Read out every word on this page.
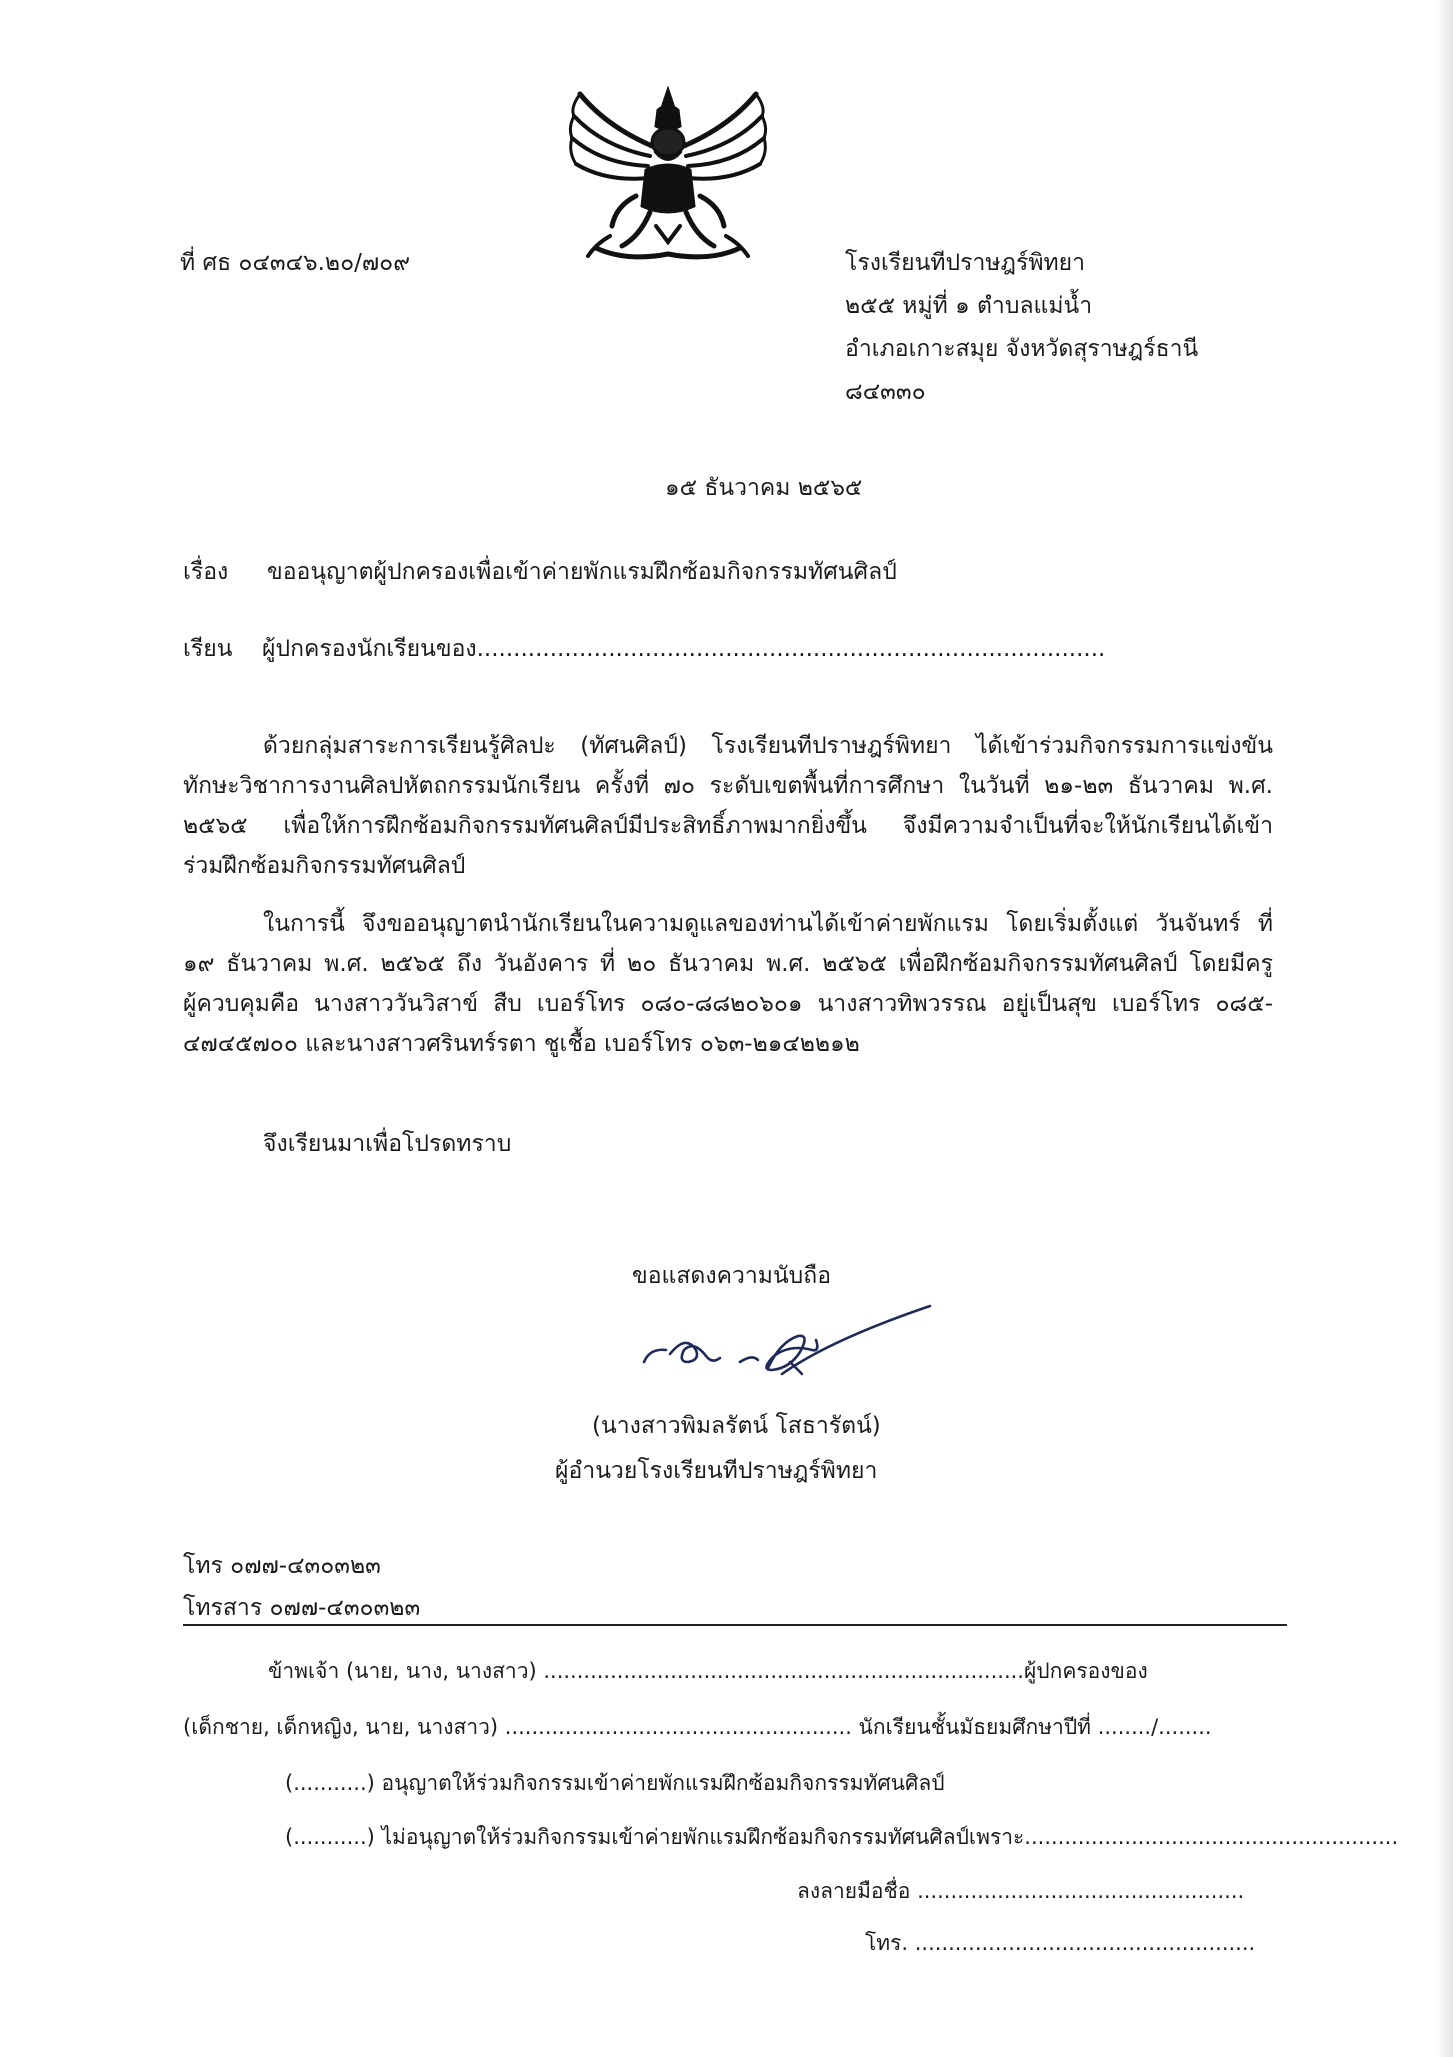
ที่ ศธ ๐๔๓๔๖.๒๐/๗๐๙	โรงเรียนทีปราษฎร์พิทยา
๒๕๕ หมู่ที่ ๑ ตำบลแม่น้ำ
อำเภอเกาะสมุย จังหวัดสุราษฎร์ธานี
๘๔๓๓๐
๑๕ ธันวาคม ๒๕๖๕
เรื่อง ขออนุญาตผู้ปกครองเพื่อเข้าค่ายพักแรมฝึกซ้อมกิจกรรมทัศนศิลป์
เรียน ผู้ปกครองนักเรียนของ......................................................................................
ด้วยกลุ่มสาระการเรียนรู้ศิลปะ (ทัศนศิลป์) โรงเรียนทีปราษฎร์พิทยา ได้เข้าร่วมกิจกรรมการแข่งขัน
ทักษะวิชาการงานศิลปหัตถกรรมนักเรียน ครั้งที่ ๗๐ ระดับเขตพื้นที่การศึกษา ในวันที่ ๒๑-๒๓ ธันวาคม พ.ศ.
๒๕๖๕ เพื่อให้การฝึกซ้อมกิจกรรมทัศนศิลป์มีประสิทธิ์ภาพมากยิ่งขึ้น จึงมีความจำเป็นที่จะให้นักเรียนได้เข้า
ร่วมฝึกซ้อมกิจกรรมทัศนศิลป์
ในการนี้ จึงขออนุญาตนำนักเรียนในความดูแลของท่านได้เข้าค่ายพักแรม โดยเริ่มตั้งแต่ วันจันทร์ ที่
๑๙ ธันวาคม พ.ศ. ๒๕๖๕ ถึง วันอังคาร ที่ ๒๐ ธันวาคม พ.ศ. ๒๕๖๕ เพื่อฝึกซ้อมกิจกรรมทัศนศิลป์ โดยมีครู
ผู้ควบคุมคือ นางสาววันวิสาข์ สืบ เบอร์โทร ๐๘๐-๘๘๒๐๖๐๑ นางสาวทิพวรรณ อยู่เป็นสุข เบอร์โทร ๐๘๕-
๔๗๔๕๗๐๐ และนางสาวศรินทร์รตา ชูเชื้อ เบอร์โทร ๐๖๓-๒๑๔๒๒๑๒
จึงเรียนมาเพื่อโปรดทราบ
ขอแสดงความนับถือ
(นางสาวพิมลรัตน์ โสธารัตน์)
ผู้อำนวยโรงเรียนทีปราษฎร์พิทยา
โทร ๐๗๗-๔๓๐๓๒๓
โทรสาร ๐๗๗-๔๓๐๓๒๓
ข้าพเจ้า (นาย, นาง, นางสาว) ........................................................................ผู้ปกครองของ
(เด็กชาย, เด็กหญิง, นาย, นางสาว) .................................................... นักเรียนชั้นมัธยมศึกษาปีที่ ......../........
(...........) อนุญาตให้ร่วมกิจกรรมเข้าค่ายพักแรมฝึกซ้อมกิจกรรมทัศนศิลป์
(...........) ไม่อนุญาตให้ร่วมกิจกรรมเข้าค่ายพักแรมฝึกซ้อมกิจกรรมทัศนศิลป์เพราะ........................................................
ลงลายมือชื่อ .................................................
โทร. ...................................................
